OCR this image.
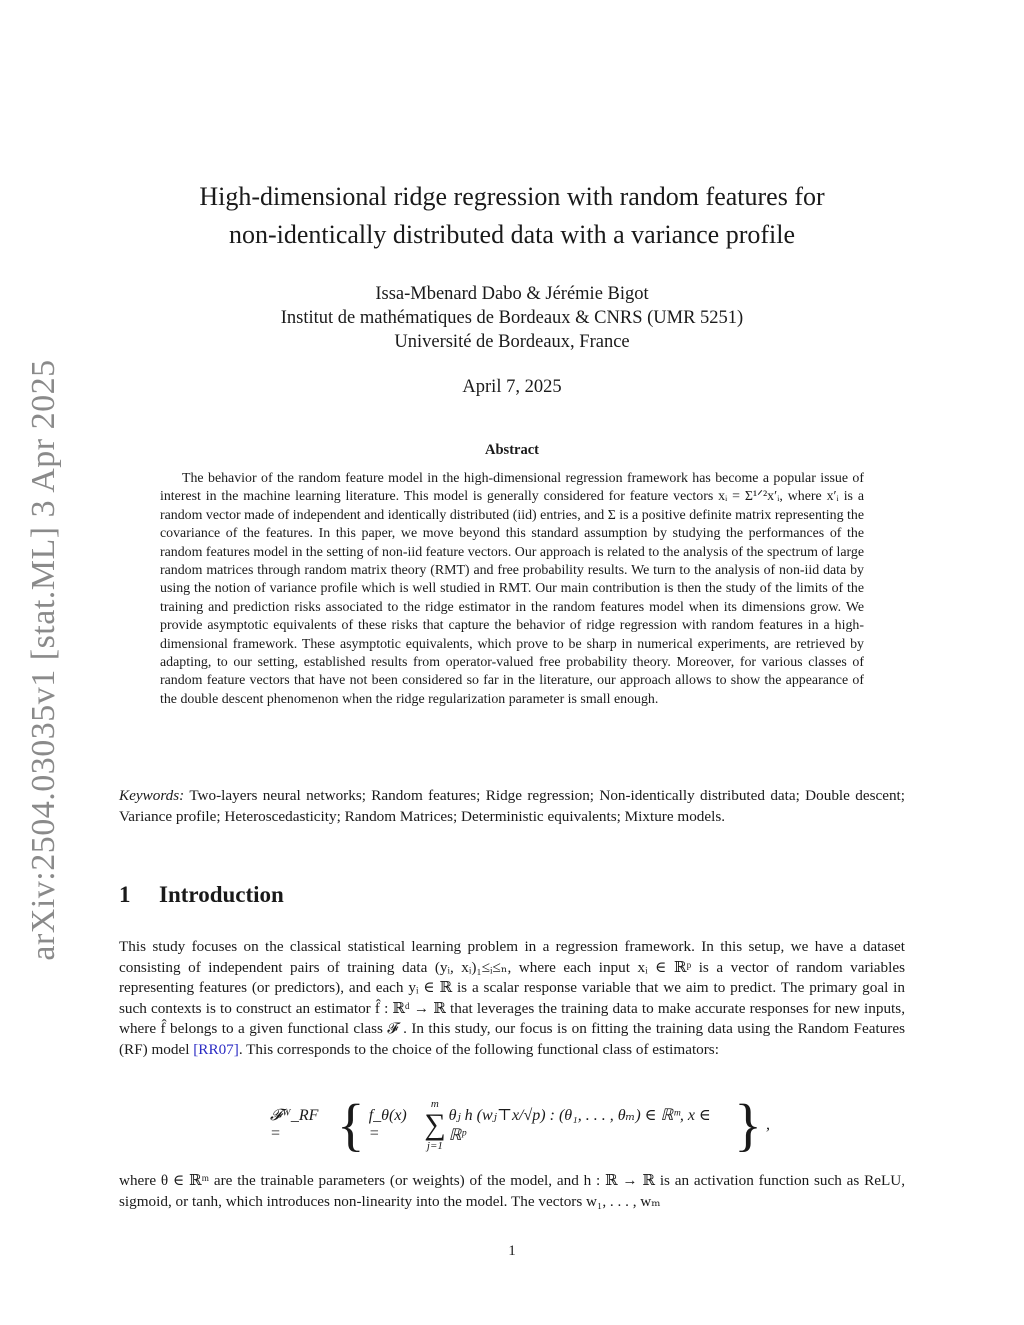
arXiv:2504.03035v1 [stat.ML] 3 Apr 2025
High-dimensional ridge regression with random features for
non-identically distributed data with a variance profile
Issa-Mbenard Dabo & Jérémie Bigot
Institut de mathématiques de Bordeaux & CNRS (UMR 5251)
Université de Bordeaux, France
April 7, 2025
Abstract
The behavior of the random feature model in the high-dimensional regression framework has become a popular issue of interest in the machine learning literature. This model is generally considered for feature vectors xᵢ = Σ¹ᐟ²x′ᵢ, where x′ᵢ is a random vector made of independent and identically distributed (iid) entries, and Σ is a positive definite matrix representing the covariance of the features. In this paper, we move beyond this standard assumption by studying the performances of the random features model in the setting of non-iid feature vectors. Our approach is related to the analysis of the spectrum of large random matrices through random matrix theory (RMT) and free probability results. We turn to the analysis of non-iid data by using the notion of variance profile which is well studied in RMT. Our main contribution is then the study of the limits of the training and prediction risks associated to the ridge estimator in the random features model when its dimensions grow. We provide asymptotic equivalents of these risks that capture the behavior of ridge regression with random features in a high-dimensional framework. These asymptotic equivalents, which prove to be sharp in numerical experiments, are retrieved by adapting, to our setting, established results from operator-valued free probability theory. Moreover, for various classes of random feature vectors that have not been considered so far in the literature, our approach allows to show the appearance of the double descent phenomenon when the ridge regularization parameter is small enough.
Keywords: Two-layers neural networks; Random features; Ridge regression; Non-identically distributed data; Double descent; Variance profile; Heteroscedasticity; Random Matrices; Deterministic equivalents; Mixture models.
1 Introduction
This study focuses on the classical statistical learning problem in a regression framework. In this setup, we have a dataset consisting of independent pairs of training data (yᵢ, xᵢ)₁≤ᵢ≤ₙ, where each input xᵢ ∈ ℝᵖ is a vector of random variables representing features (or predictors), and each yᵢ ∈ ℝ is a scalar response variable that we aim to predict. The primary goal in such contexts is to construct an estimator f̂ : ℝᵈ → ℝ that leverages the training data to make accurate responses for new inputs, where f̂ belongs to a given functional class 𝓕 . In this study, our focus is on fitting the training data using the Random Features (RF) model [RR07]. This corresponds to the choice of the following functional class of estimators:
𝓕ᵂ_RF = { f_θ(x) =
m
∑
j=1
θⱼ h (wⱼ⊤x/√p) : (θ₁, . . . , θₘ) ∈ ℝᵐ, x ∈ ℝᵖ	} ,
where θ ∈ ℝᵐ are the trainable parameters (or weights) of the model, and h : ℝ → ℝ is an activation function such as ReLU, sigmoid, or tanh, which introduces non-linearity into the model. The vectors w₁, . . . , wₘ
1
